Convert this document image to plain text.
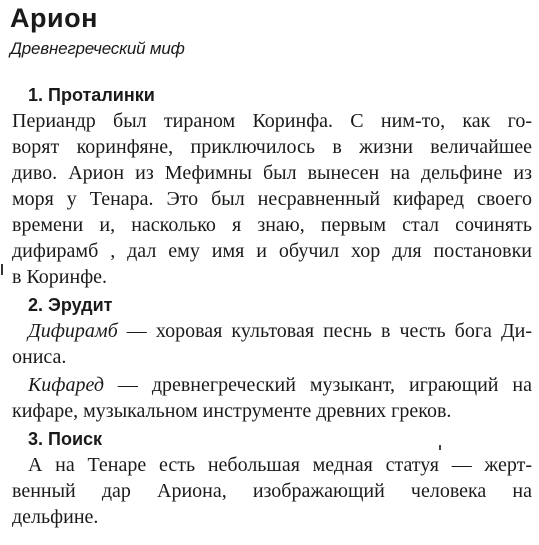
Арион
Древнегреческий миф
1. Проталинки
Периандр был тираном Коринфа. С ним-то, как го-
ворят коринфяне, приключилось в жизни величайшее
диво. Арион из Мефимны был вынесен на дельфине из
моря у Тенара. Это был несравненный кифаред своего
времени и, насколько я знаю, первым стал сочинять
дифирамб , дал ему имя и обучил хор для постановки
в Коринфе.
2. Эрудит
Дифирамб — хоровая культовая песнь в честь бога Ди-
ониса.
Кифаред — древнегреческий музыкант, играющий на
кифаре, музыкальном инструменте древних греков.
3. Поиск
А на Тенаре есть небольшая медная статуя — жерт-
венный дар Ариона, изображающий человека на
дельфине.
